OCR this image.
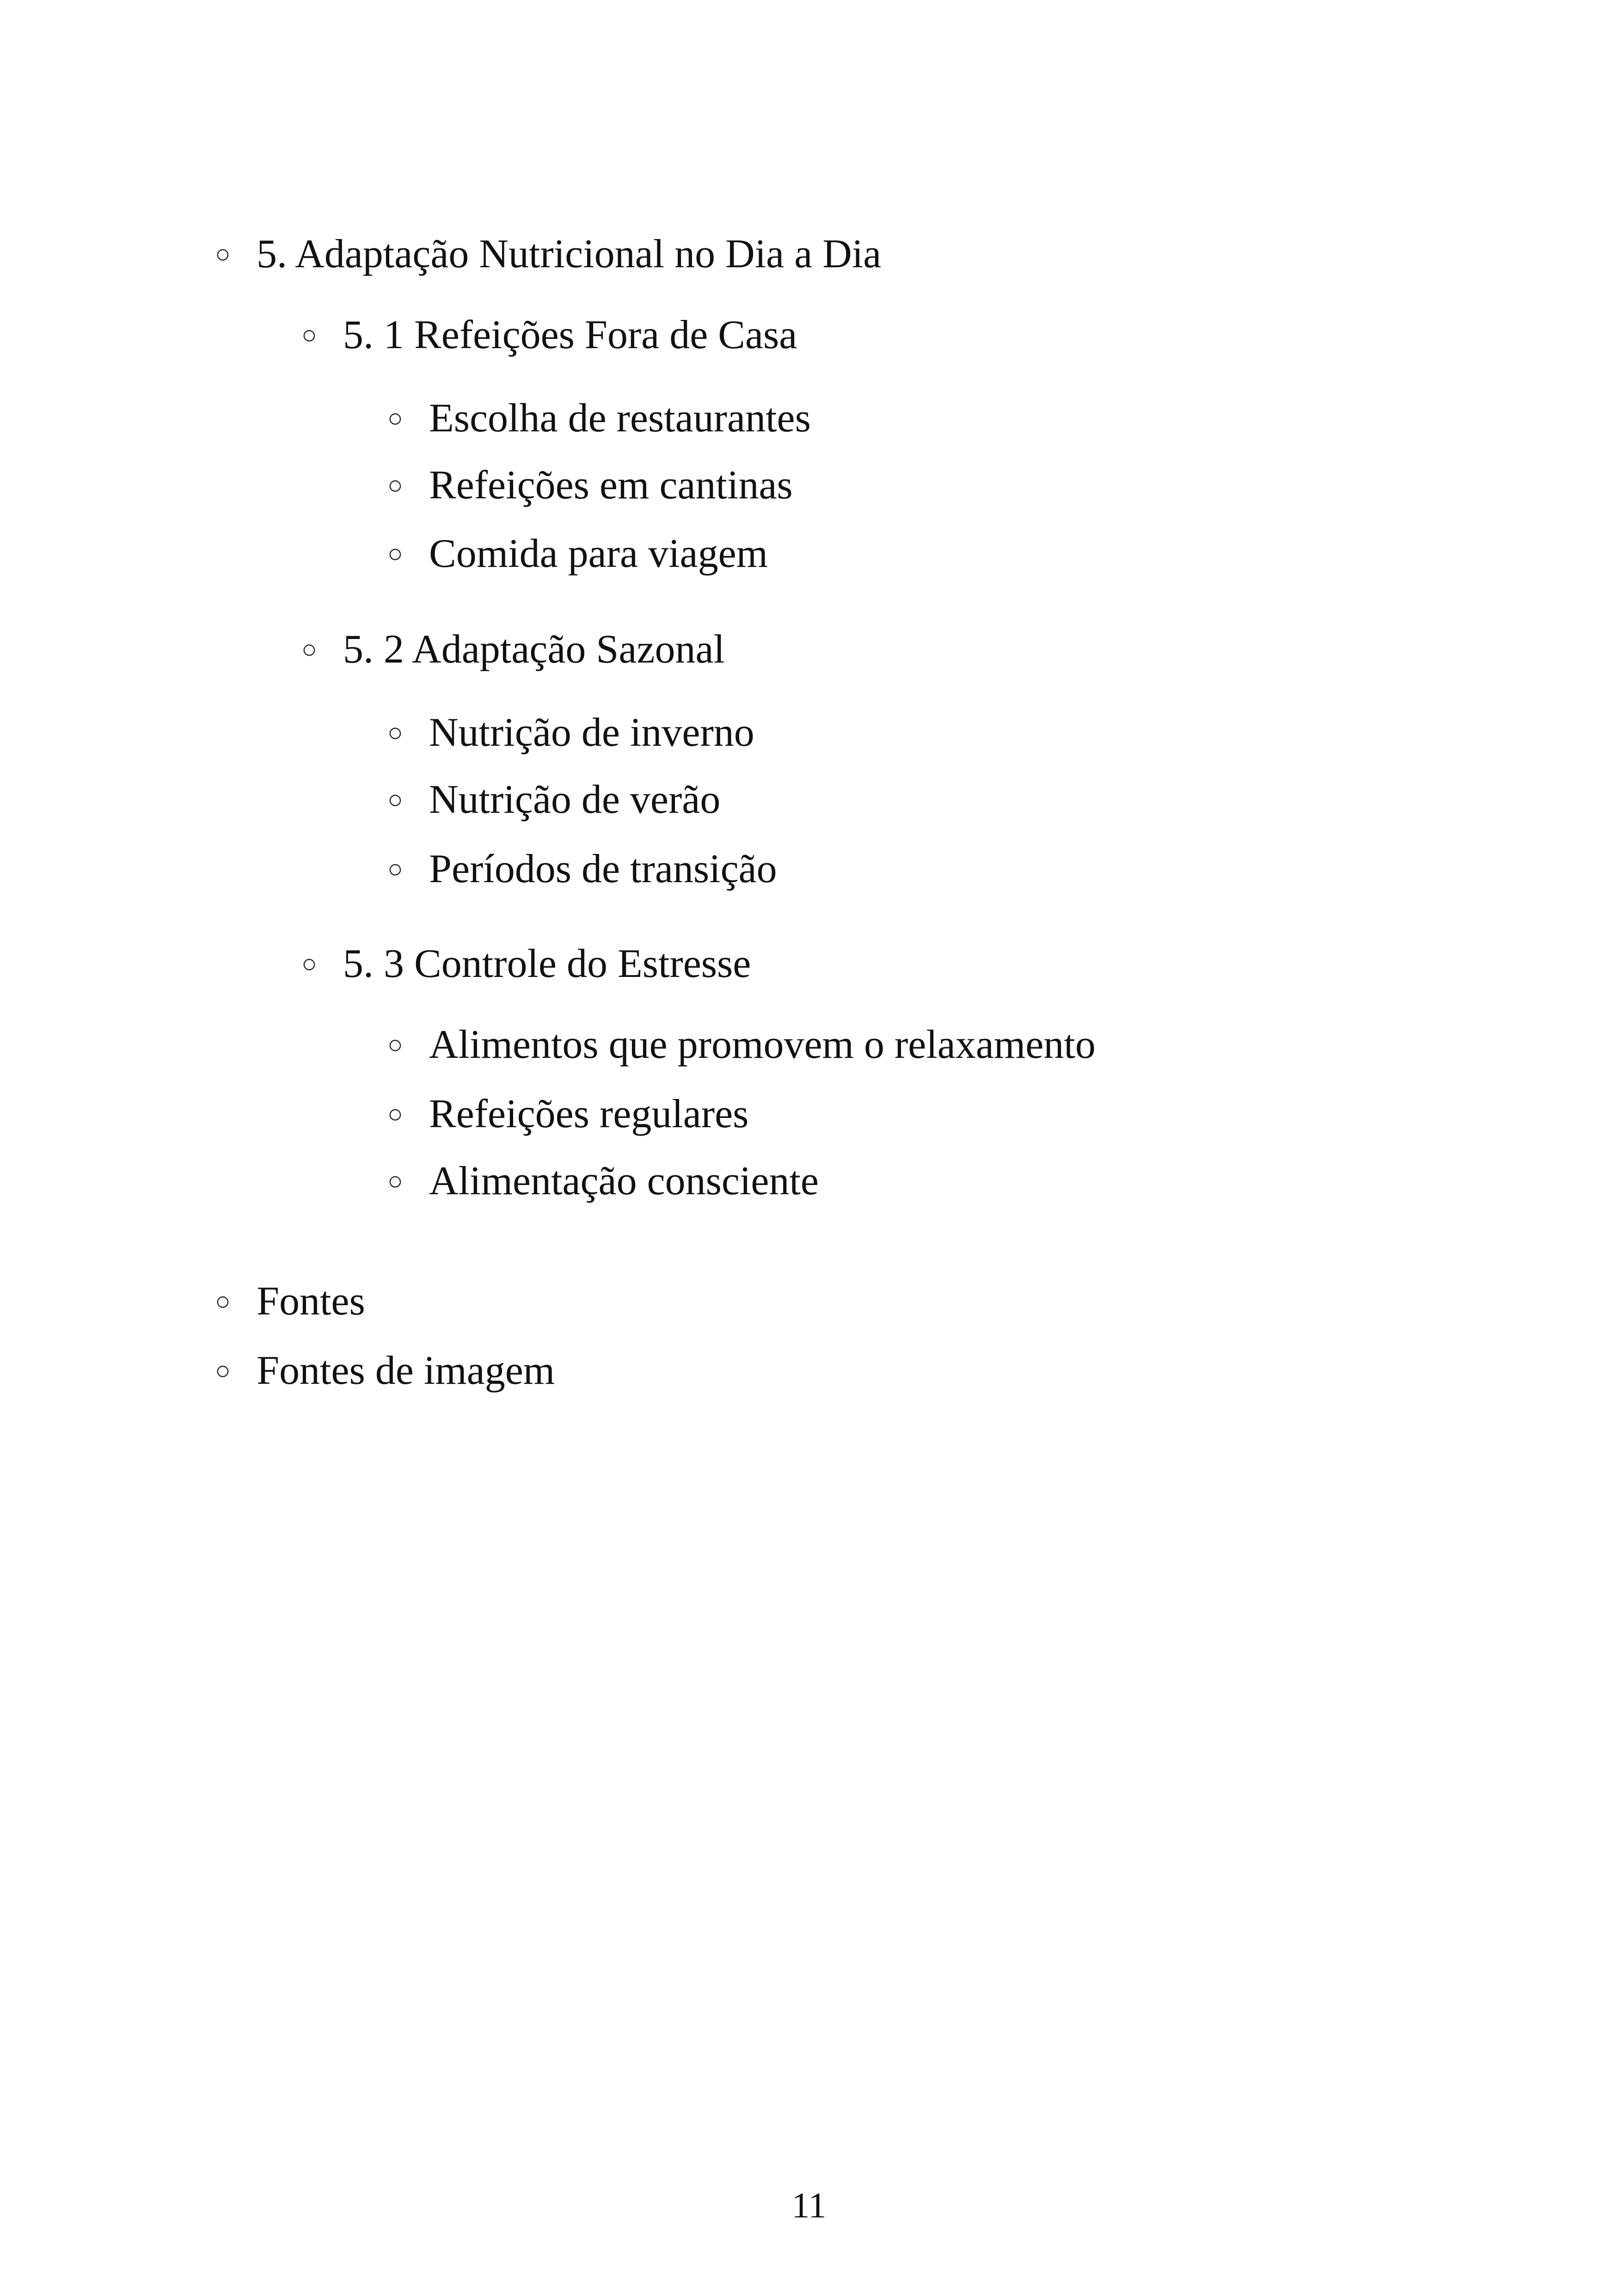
○ 5. Adaptação Nutricional no Dia a Dia
○ 5. 1 Refeições Fora de Casa
○ Escolha de restaurantes
○ Refeições em cantinas
○ Comida para viagem
○ 5. 2 Adaptação Sazonal
○ Nutrição de inverno
○ Nutrição de verão
○ Períodos de transição
○ 5. 3 Controle do Estresse
○ Alimentos que promovem o relaxamento
○ Refeições regulares
○ Alimentação consciente
○ Fontes
○ Fontes de imagem
11
